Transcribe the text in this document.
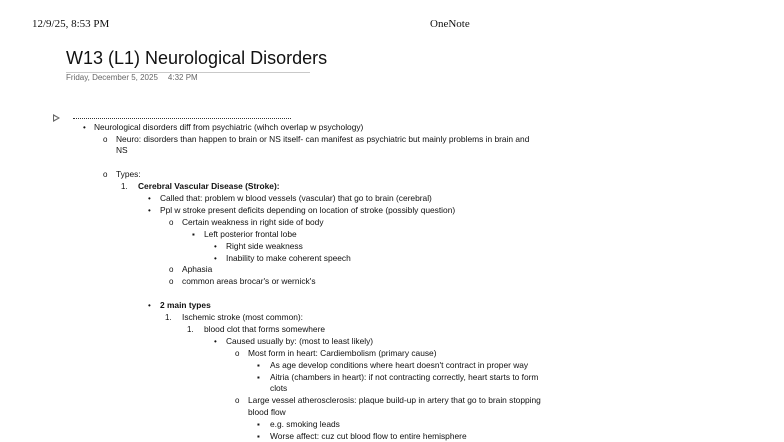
12/9/25, 8:53 PM	OneNote
W13 (L1) Neurological Disorders
Friday, December 5, 2025 4:32 PM
• Neurological disorders diff from psychiatric (wihch overlap w psychology)
o Neuro: disorders than happen to brain or NS itself- can manifest as psychiatric but mainly problems in brain and
NS
o Types:
1. Cerebral Vascular Disease (Stroke):
• Called that: problem w blood vessels (vascular) that go to brain (cerebral)
• Ppl w stroke present deficits depending on location of stroke (possibly question)
o Certain weakness in right side of body
▪ Left posterior frontal lobe
• Right side weakness
• Inability to make coherent speech
o Aphasia
o common areas brocar's or wernick's
• 2 main types
1. Ischemic stroke (most common):
1. blood clot that forms somewhere
• Caused usually by: (most to least likely)
o Most form in heart: Cardiembolism (primary cause)
▪ As age develop conditions where heart doesn't contract in proper way
▪ Aitria (chambers in heart): if not contracting correctly, heart starts to form
clots
o Large vessel atherosclerosis: plaque build-up in artery that go to brain stopping
blood flow
▪ e.g. smoking leads
▪ Worse affect: cuz cut blood flow to entire hemisphere
